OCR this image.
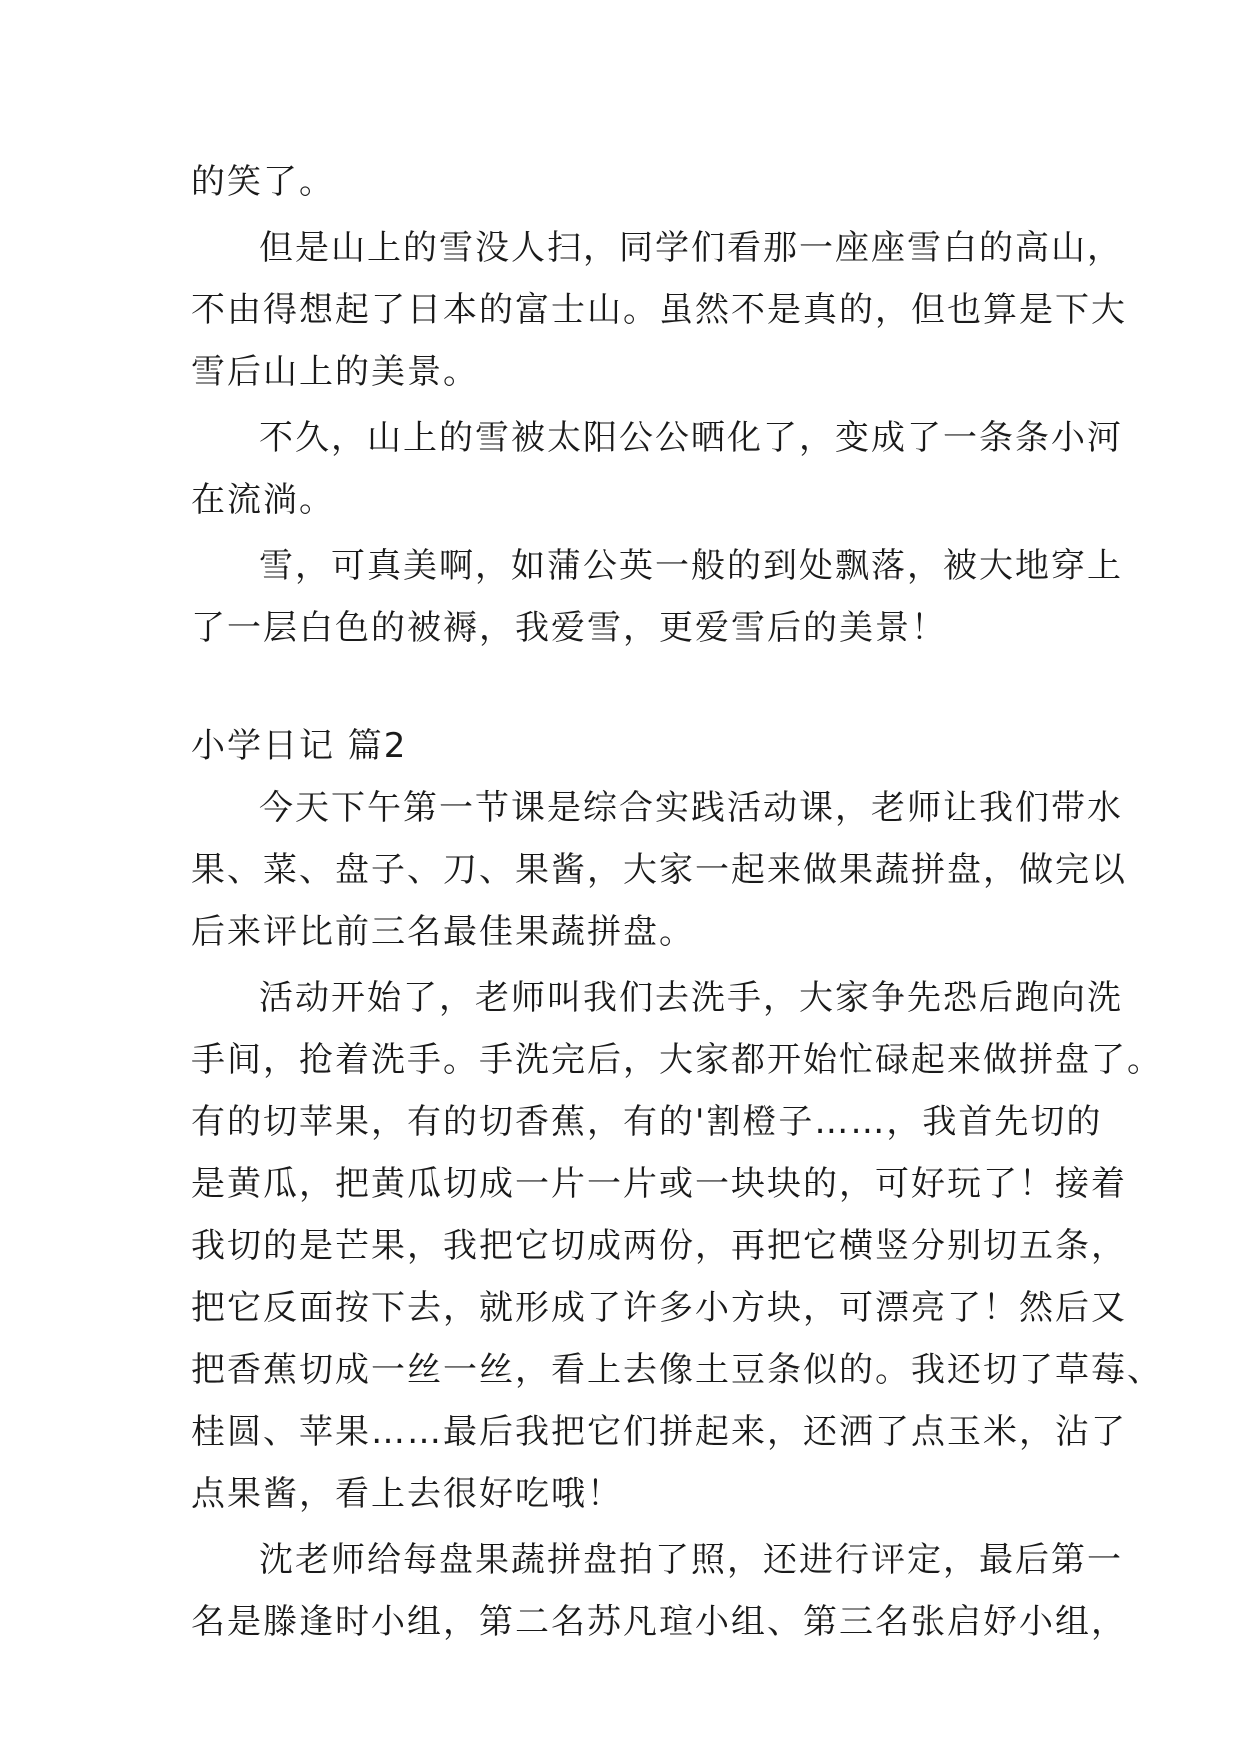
的笑了。
但是山上的雪没人扫，同学们看那一座座雪白的高山，
不由得想起了日本的富士山。虽然不是真的，但也算是下大
雪后山上的美景。
不久，山上的雪被太阳公公晒化了，变成了一条条小河
在流淌。
雪，可真美啊，如蒲公英一般的到处飘落，被大地穿上
了一层白色的被褥，我爱雪，更爱雪后的美景！
小学日记 篇2
今天下午第一节课是综合实践活动课，老师让我们带水
果、菜、盘子、刀、果酱，大家一起来做果蔬拼盘，做完以
后来评比前三名最佳果蔬拼盘。
活动开始了，老师叫我们去洗手，大家争先恐后跑向洗
手间，抢着洗手。手洗完后，大家都开始忙碌起来做拼盘了。
有的切苹果，有的切香蕉，有的'割橙子……，我首先切的
是黄瓜，把黄瓜切成一片一片或一块块的，可好玩了！接着
我切的是芒果，我把它切成两份，再把它横竖分别切五条，
把它反面按下去，就形成了许多小方块，可漂亮了！然后又
把香蕉切成一丝一丝，看上去像土豆条似的。我还切了草莓、
桂圆、苹果……最后我把它们拼起来，还洒了点玉米，沾了
点果酱，看上去很好吃哦！
沈老师给每盘果蔬拼盘拍了照，还进行评定，最后第一
名是滕逢时小组，第二名苏凡瑄小组、第三名张启妤小组，
